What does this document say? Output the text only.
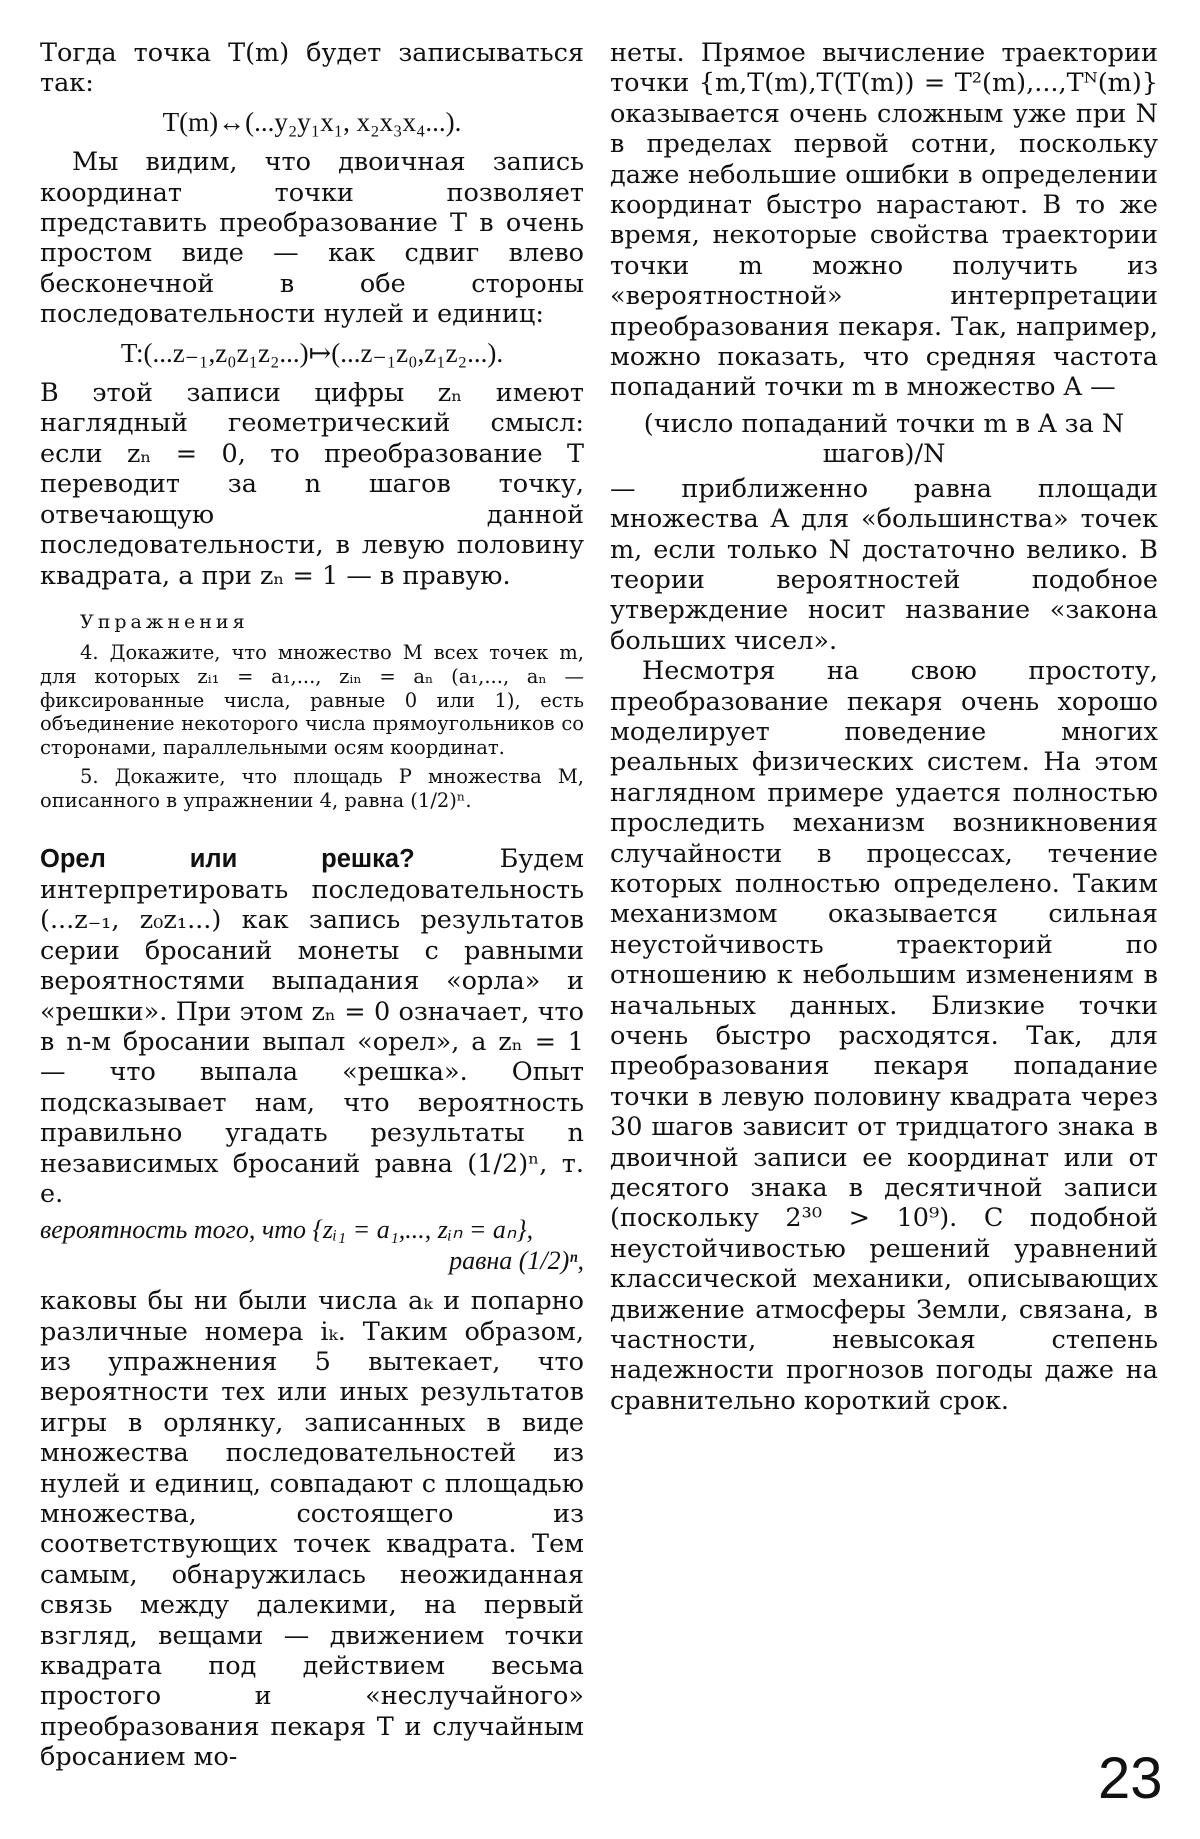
Тогда точка T(m) будет записываться так:

T(m)↔(...y₂y₁x₁, x₂x₃x₄...).

Мы видим, что двоичная запись координат точки позволяет представить преобразование T в очень простом виде — как сдвиг влево бесконечной в обе стороны последовательности нулей и единиц:

T:(...z₋₁,z₀z₁z₂...)↦(...z₋₁z₀,z₁z₂...).

В этой записи цифры zₙ имеют наглядный геометрический смысл: если zₙ = 0, то преобразование T переводит за n шагов точку, отвечающую данной последовательности, в левую половину квадрата, а при zₙ = 1 — в правую.

Упражнения

4. Докажите, что множество M всех точек m, для которых zᵢ₁ = a₁,..., zᵢₙ = aₙ (a₁,..., aₙ — фиксированные числа, равные 0 или 1), есть объединение некоторого числа прямоугольников со сторонами, параллельными осям координат.

5. Докажите, что площадь P множества M, описанного в упражнении 4, равна (1/2)ⁿ.

Орел или решка? Будем интерпретировать последовательность (...z₋₁, z₀z₁...) как запись результатов серии бросаний монеты с равными вероятностями выпадания «орла» и «решки». При этом zₙ = 0 означает, что в n-м бросании выпал «орел», а zₙ = 1 — что выпала «решка». Опыт подсказывает нам, что вероятность правильно угадать результаты n независимых бросаний равна (1/2)ⁿ, т. е.

вероятность того, что {zᵢ₁ = a₁,..., zᵢₙ = aₙ},
равна (1/2)ⁿ,

каковы бы ни были числа aₖ и попарно различные номера iₖ. Таким образом, из упражнения 5 вытекает, что вероятности тех или иных результатов игры в орлянку, записанных в виде множества последовательностей из нулей и единиц, совпадают с площадью множества, состоящего из соответствующих точек квадрата. Тем самым, обнаружилась неожиданная связь между далекими, на первый взгляд, вещами — движением точки квадрата под действием весьма простого и «неслучайного» преобразования пекаря T и случайным бросанием мо-

неты. Прямое вычисление траектории точки {m,T(m),T(T(m)) = T²(m),...,Tᴺ(m)} оказывается очень сложным уже при N в пределах первой сотни, поскольку даже небольшие ошибки в определении координат быстро нарастают. В то же время, некоторые свойства траектории точки m можно получить из «вероятностной» интерпретации преобразования пекаря. Так, например, можно показать, что средняя частота попаданий точки m в множество A —

(число попаданий точки m в A за N шагов)/N

— приближенно равна площади множества A для «большинства» точек m, если только N достаточно велико. В теории вероятностей подобное утверждение носит название «закона больших чисел».

Несмотря на свою простоту, преобразование пекаря очень хорошо моделирует поведение многих реальных физических систем. На этом наглядном примере удается полностью проследить механизм возникновения случайности в процессах, течение которых полностью определено. Таким механизмом оказывается сильная неустойчивость траекторий по отношению к небольшим изменениям в начальных данных. Близкие точки очень быстро расходятся. Так, для преобразования пекаря попадание точки в левую половину квадрата через 30 шагов зависит от тридцатого знака в двоичной записи ее координат или от десятого знака в десятичной записи (поскольку 2³⁰ > 10⁹). С подобной неустойчивостью решений уравнений классической механики, описывающих движение атмосферы Земли, связана, в частности, невысокая степень надежности прогнозов погоды даже на сравнительно короткий срок.

23
